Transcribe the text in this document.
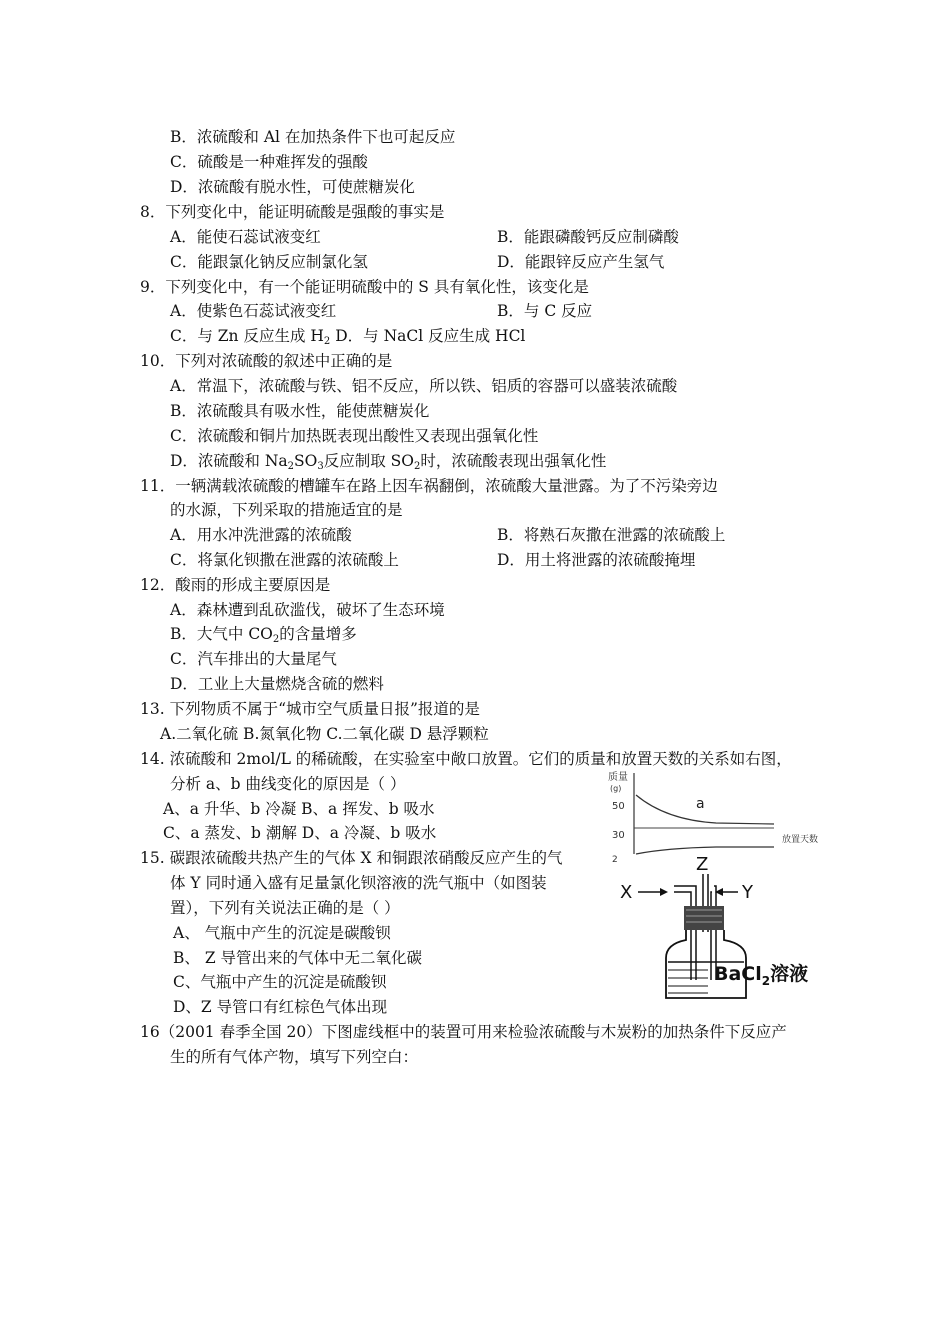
B．浓硫酸和 Al 在加热条件下也可起反应
C．硫酸是一种难挥发的强酸
D．浓硫酸有脱水性，可使蔗糖炭化
8．下列变化中，能证明硫酸是强酸的事实是
A．能使石蕊试液变红	B．能跟磷酸钙反应制磷酸
C．能跟氯化钠反应制氯化氢	D．能跟锌反应产生氢气
9．下列变化中，有一个能证明硫酸中的 S 具有氧化性，该变化是
A．使紫色石蕊试液变红	B．与 C 反应
C．与 Zn 反应生成 $H_2$ D．与 NaCl 反应生成 HCl
10．下列对浓硫酸的叙述中正确的是
A．常温下，浓硫酸与铁、铝不反应，所以铁、铝质的容器可以盛装浓硫酸
B．浓硫酸具有吸水性，能使蔗糖炭化
C．浓硫酸和铜片加热既表现出酸性又表现出强氧化性
D．浓硫酸和 $Na_2SO_3$反应制取 $SO_2$时，浓硫酸表现出强氧化性
11．一辆满载浓硫酸的槽罐车在路上因车祸翻倒，浓硫酸大量泄露。为了不污染旁边
的水源，下列采取的措施适宜的是
A．用水冲洗泄露的浓硫酸	B．将熟石灰撒在泄露的浓硫酸上
C．将氯化钡撒在泄露的浓硫酸上	D．用土将泄露的浓硫酸掩埋
12．酸雨的形成主要原因是
A．森林遭到乱砍滥伐，破坏了生态环境
B．大气中 $CO_2$的含量增多
C．汽车排出的大量尾气
D．工业上大量燃烧含硫的燃料
13. 下列物质不属于“城市空气质量日报”报道的是
A.二氧化硫 B.氮氧化物 C.二氧化碳 D 悬浮颗粒
14. 浓硫酸和 2mol/L 的稀硫酸，在实验室中敞口放置。它们的质量和放置天数的关系如右图，
分析 a、b 曲线变化的原因是（ ）
A、a 升华、b 冷凝 B、a 挥发、b 吸水
C、a 蒸发、b 潮解 D、a 冷凝、b 吸水
质量
(g)
50
30
a
放置天数
15. 碳跟浓硫酸共热产生的气体 X 和铜跟浓硝酸反应产生的气
体 Y 同时通入盛有足量氯化钡溶液的洗气瓶中（如图装
置），下列有关说法正确的是（ ）
A、 气瓶中产生的沉淀是碳酸钡
B、 Z 导管出来的气体中无二氧化碳
C、气瓶中产生的沉淀是硫酸钡
D、Z 导管口有红棕色气体出现
2	Z
X	Y
BaCl$_2$溶液
16（2001 春季全国 20）下图虚线框中的装置可用来检验浓硫酸与木炭粉的加热条件下反应产
生的所有气体产物，填写下列空白：
